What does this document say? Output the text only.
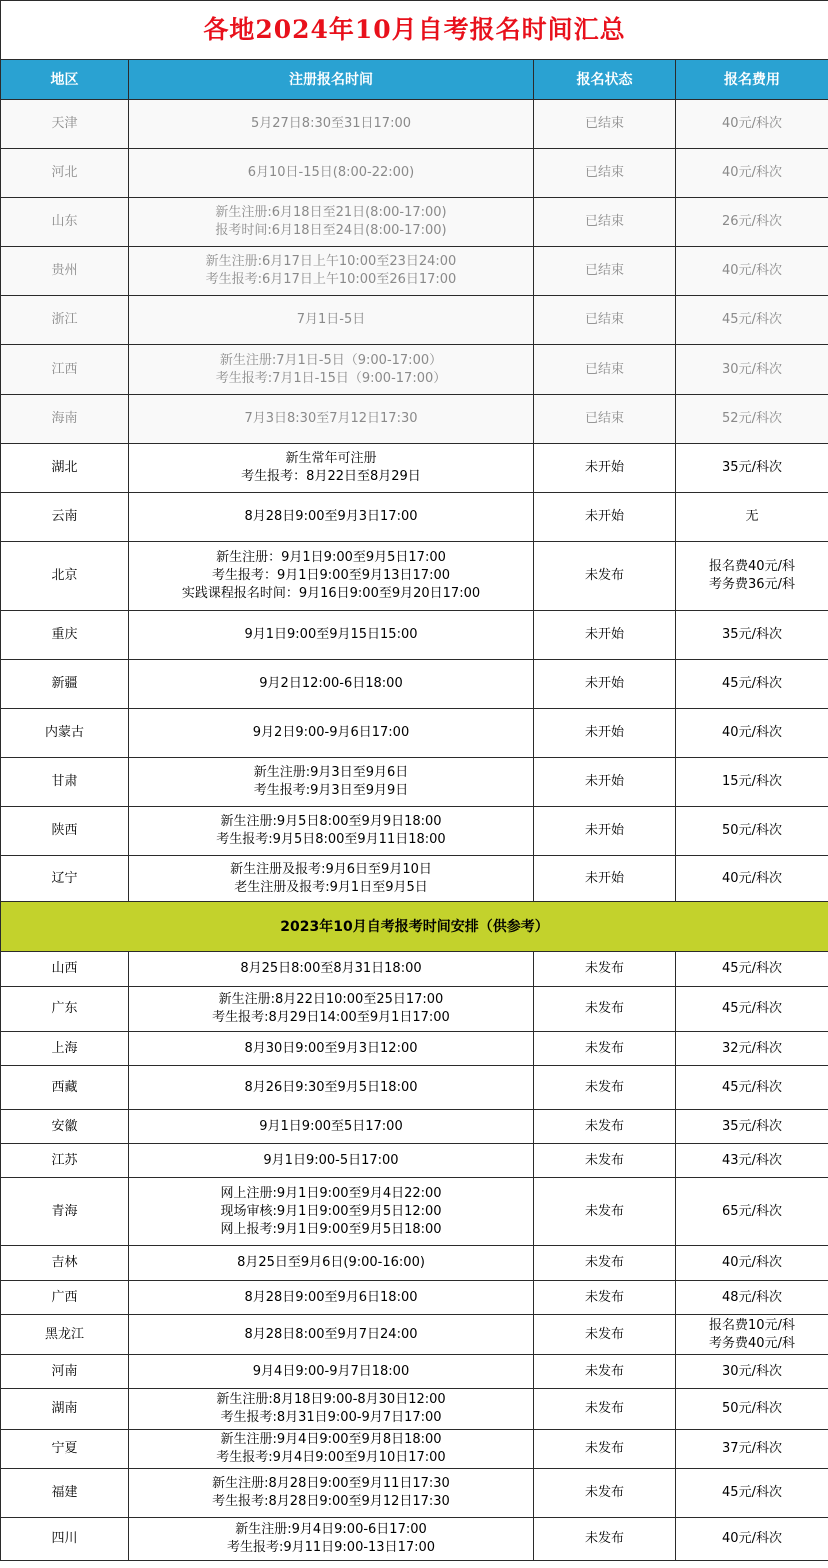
各地2024年10月自考报名时间汇总			
地区	注册报名时间	报名状态	报名费用
天津	5月27日8:30至31日17:00	已结束	40元/科次

河北	6月10日-15日(8:00-22:00)	已结束	40元/科次

山东	新生注册:6月18日至21日(8:00-17:00)
报考时间:6月18日至24日(8:00-17:00)	已结束	26元/科次

贵州	新生注册:6月17日上午10:00至23日24:00
考生报考:6月17日上午10:00至26日17:00	已结束	40元/科次

浙江	7月1日-5日	已结束	45元/科次

江西	新生注册:7月1日-5日（9:00-17:00）
考生报考:7月1日-15日（9:00-17:00）	已结束	30元/科次

海南	7月3日8:30至7月12日17:30	已结束	52元/科次

湖北	新生常年可注册
考生报考：8月22日至8月29日	未开始	35元/科次

云南	8月28日9:00至9月3日17:00	未开始	无

北京	新生注册：9月1日9:00至9月5日17:00
考生报考：9月1日9:00至9月13日17:00
实践课程报名时间：9月16日9:00至9月20日17:00	未发布	报名费40元/科
考务费36元/科

重庆	9月1日9:00至9月15日15:00	未开始	35元/科次

新疆	9月2日12:00-6日18:00	未开始	45元/科次

内蒙古	9月2日9:00-9月6日17:00	未开始	40元/科次

甘肃	新生注册:9月3日至9月6日
考生报考:9月3日至9月9日	未开始	15元/科次

陕西	新生注册:9月5日8:00至9月9日18:00
考生报考:9月5日8:00至9月11日18:00	未开始	50元/科次

辽宁	新生注册及报考:9月6日至9月10日
老生注册及报考:9月1日至9月5日	未开始	40元/科次

2023年10月自考报考时间安排（供参考）			
山西	8月25日8:00至8月31日18:00	未发布	45元/科次

广东	新生注册:8月22日10:00至25日17:00
考生报考:8月29日14:00至9月1日17:00	未发布	45元/科次

上海	8月30日9:00至9月3日12:00	未发布	32元/科次

西藏	8月26日9:30至9月5日18:00	未发布	45元/科次

安徽	9月1日9:00至5日17:00	未发布	35元/科次

江苏	9月1日9:00-5日17:00	未发布	43元/科次

青海	网上注册:9月1日9:00至9月4日22:00
现场审核:9月1日9:00至9月5日12:00
网上报考:9月1日9:00至9月5日18:00	未发布	65元/科次

吉林	8月25日至9月6日(9:00-16:00)	未发布	40元/科次

广西	8月28日9:00至9月6日18:00	未发布	48元/科次

黑龙江	8月28日8:00至9月7日24:00	未发布	报名费10元/科
考务费40元/科

河南	9月4日9:00-9月7日18:00	未发布	30元/科次

湖南	新生注册:8月18日9:00-8月30日12:00
考生报考:8月31日9:00-9月7日17:00	未发布	50元/科次

宁夏	新生注册:9月4日9:00至9月8日18:00
考生报考:9月4日9:00至9月10日17:00	未发布	37元/科次

福建	新生注册:8月28日9:00至9月11日17:30
考生报考:8月28日9:00至9月12日17:30	未发布	45元/科次

四川	新生注册:9月4日9:00-6日17:00
考生报考:9月11日9:00-13日17:00	未发布	40元/科次
